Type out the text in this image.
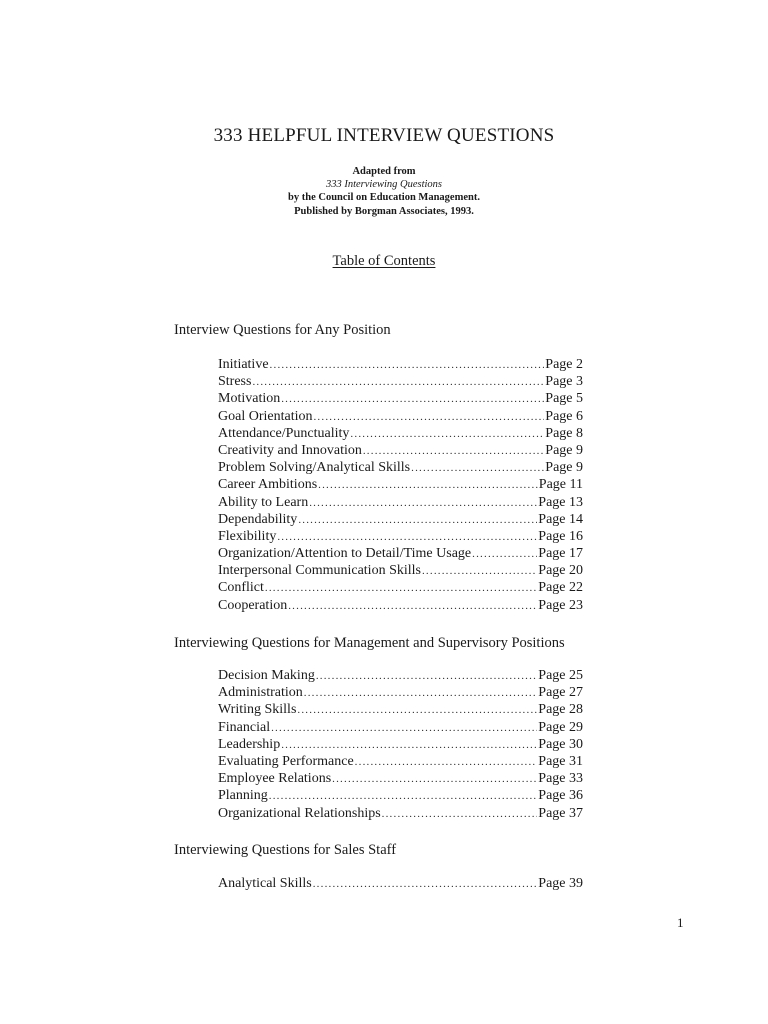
333 HELPFUL INTERVIEW QUESTIONS
Adapted from
333 Interviewing Questions
by the Council on Education Management.
Published by Borgman Associates, 1993.
Table of Contents
Interview Questions for Any Position
Initiative .....	Page 2
Stress .....	Page 3
Motivation .....	Page 5
Goal Orientation .....	Page 6
Attendance/Punctuality .....	Page 8
Creativity and Innovation .....	Page 9
Problem Solving/Analytical Skills .....	Page 9
Career Ambitions .....	Page 11
Ability to Learn .....	Page 13
Dependability .....	Page 14
Flexibility .....	Page 16
Organization/Attention to Detail/Time Usage .....	Page 17
Interpersonal Communication Skills .....	Page 20
Conflict .....	Page 22
Cooperation .....	Page 23
Interviewing Questions for Management and Supervisory Positions
Decision Making .....	Page 25
Administration .....	Page 27
Writing Skills .....	Page 28
Financial .....	Page 29
Leadership .....	Page 30
Evaluating Performance .....	Page 31
Employee Relations .....	Page 33
Planning .....	Page 36
Organizational Relationships .....	Page 37
Interviewing Questions for Sales Staff
Analytical Skills .....	Page 39
1
